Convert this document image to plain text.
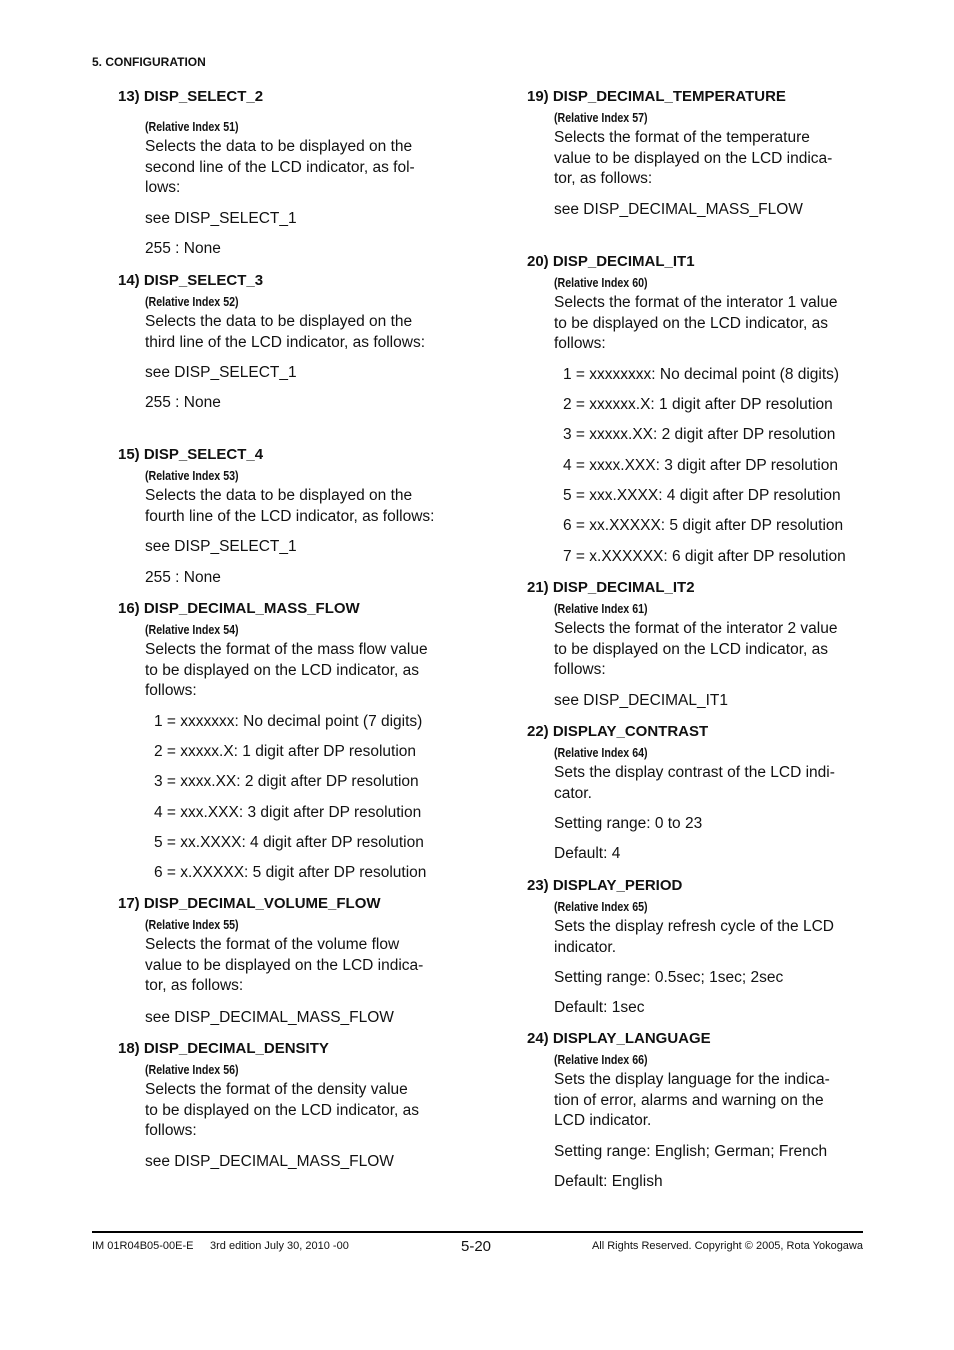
5. CONFIGURATION
13) DISP_SELECT_2
(Relative Index 51)
Selects the data to be displayed on the
second line of the LCD indicator, as fol-
lows:
see DISP_SELECT_1
255 : None
14) DISP_SELECT_3
(Relative Index 52)
Selects the data to be displayed on the
third line of the LCD indicator, as follows:
see DISP_SELECT_1
255 : None
15) DISP_SELECT_4
(Relative Index 53)
Selects the data to be displayed on the
fourth line of the LCD indicator, as follows:
see DISP_SELECT_1
255 : None
16) DISP_DECIMAL_MASS_FLOW
(Relative Index 54)
Selects the format of the mass flow value
to be displayed on the LCD indicator, as
follows:
1 = xxxxxxx: No decimal point (7 digits)
2 = xxxxx.X: 1 digit after DP resolution
3 = xxxx.XX: 2 digit after DP resolution
4 = xxx.XXX: 3 digit after DP resolution
5 = xx.XXXX: 4 digit after DP resolution
6 = x.XXXXX: 5 digit after DP resolution
17) DISP_DECIMAL_VOLUME_FLOW
(Relative Index 55)
Selects the format of the volume flow
value to be displayed on the LCD indica-
tor, as follows:
see DISP_DECIMAL_MASS_FLOW
18) DISP_DECIMAL_DENSITY
(Relative Index 56)
Selects the format of the density value
to be displayed on the LCD indicator, as
follows:
see DISP_DECIMAL_MASS_FLOW
19) DISP_DECIMAL_TEMPERATURE
(Relative Index 57)
Selects the format of the temperature
value to be displayed on the LCD indica-
tor, as follows:
see DISP_DECIMAL_MASS_FLOW
20) DISP_DECIMAL_IT1
(Relative Index 60)
Selects the format of the interator 1 value
to be displayed on the LCD indicator, as
follows:
1 = xxxxxxxx: No decimal point (8 digits)
2 = xxxxxx.X: 1 digit after DP resolution
3 = xxxxx.XX: 2 digit after DP resolution
4 = xxxx.XXX: 3 digit after DP resolution
5 = xxx.XXXX: 4 digit after DP resolution
6 = xx.XXXXX: 5 digit after DP resolution
7 = x.XXXXXX: 6 digit after DP resolution
21) DISP_DECIMAL_IT2
(Relative Index 61)
Selects the format of the interator 2 value
to be displayed on the LCD indicator, as
follows:
see DISP_DECIMAL_IT1
22) DISPLAY_CONTRAST
(Relative Index 64)
Sets the display contrast of the LCD indi-
cator.
Setting range: 0 to 23
Default: 4
23) DISPLAY_PERIOD
(Relative Index 65)
Sets the display refresh cycle of the LCD
indicator.
Setting range: 0.5sec; 1sec; 2sec
Default: 1sec
24) DISPLAY_LANGUAGE
(Relative Index 66)
Sets the display language for the indica-
tion of error, alarms and warning on the
LCD indicator.
Setting range: English; German; French
Default: English
IM 01R04B05-00E-E 3rd edition July 30, 2010 -00	5-20	All Rights Reserved. Copyright © 2005, Rota Yokogawa
